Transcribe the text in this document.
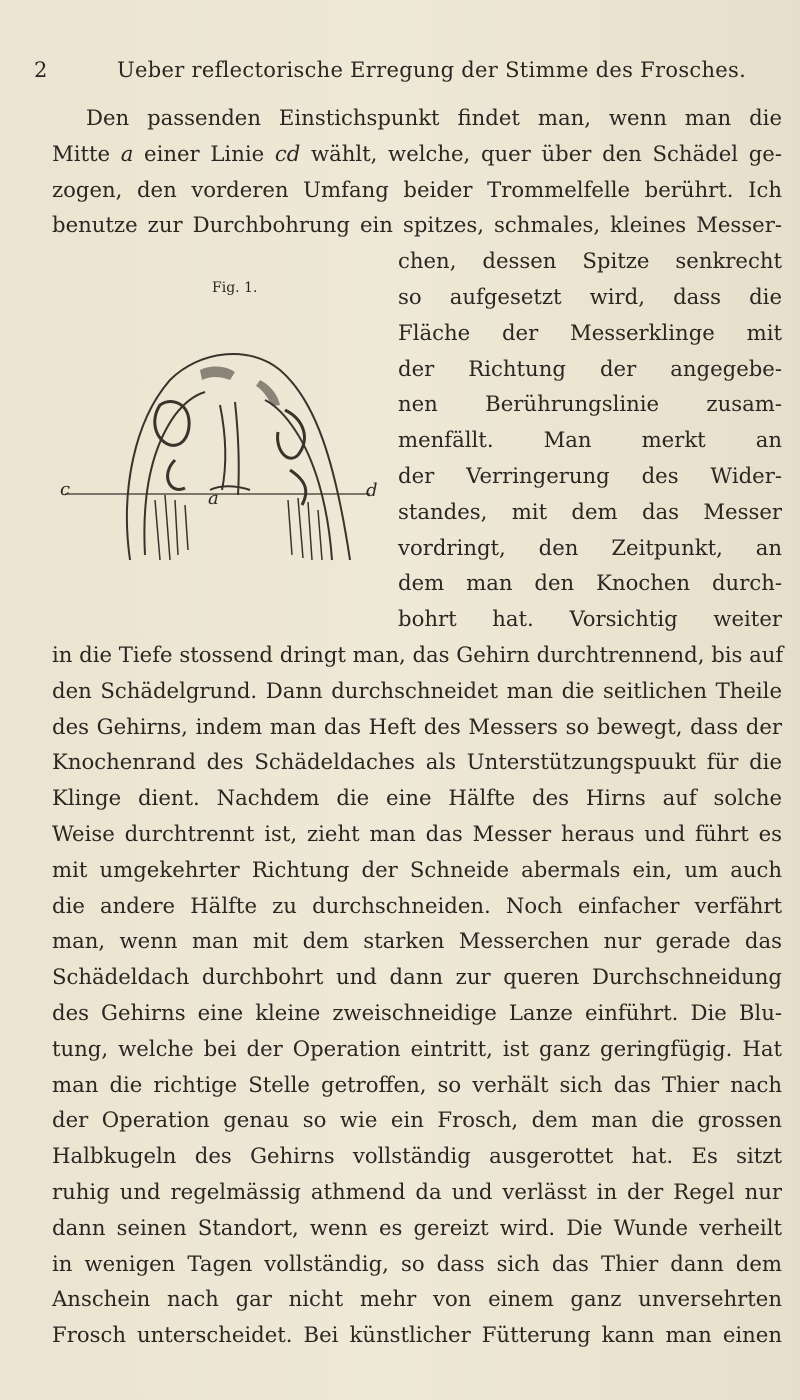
2	Ueber reflectorische Erregung der Stimme des Frosches.
Fig. 1.
c	a	d
Den passenden Einstichspunkt findet man, wenn man die
Mitte a einer Linie cd wählt, welche, quer über den Schädel ge-
zogen, den vorderen Umfang beider Trommelfelle berührt. Ich
benutze zur Durchbohrung ein spitzes, schmales, kleines Messer-
chen, dessen Spitze senkrecht
so aufgesetzt wird, dass die
Fläche der Messerklinge mit
der Richtung der angegebe-
nen Berührungslinie zusam-
menfällt. Man merkt an
der Verringerung des Wider-
standes, mit dem das Messer
vordringt, den Zeitpunkt, an
dem man den Knochen durch-
bohrt hat. Vorsichtig weiter
in die Tiefe stossend dringt man, das Gehirn durchtrennend, bis auf
den Schädelgrund. Dann durchschneidet man die seitlichen Theile
des Gehirns, indem man das Heft des Messers so bewegt, dass der
Knochenrand des Schädeldaches als Unterstützungspuukt für die
Klinge dient. Nachdem die eine Hälfte des Hirns auf solche
Weise durchtrennt ist, zieht man das Messer heraus und führt es
mit umgekehrter Richtung der Schneide abermals ein, um auch
die andere Hälfte zu durchschneiden. Noch einfacher verfährt
man, wenn man mit dem starken Messerchen nur gerade das
Schädeldach durchbohrt und dann zur queren Durchschneidung
des Gehirns eine kleine zweischneidige Lanze einführt. Die Blu-
tung, welche bei der Operation eintritt, ist ganz geringfügig. Hat
man die richtige Stelle getroffen, so verhält sich das Thier nach
der Operation genau so wie ein Frosch, dem man die grossen
Halbkugeln des Gehirns vollständig ausgerottet hat. Es sitzt
ruhig und regelmässig athmend da und verlässt in der Regel nur
dann seinen Standort, wenn es gereizt wird. Die Wunde verheilt
in wenigen Tagen vollständig, so dass sich das Thier dann dem
Anschein nach gar nicht mehr von einem ganz unversehrten
Frosch unterscheidet. Bei künstlicher Fütterung kann man einen
